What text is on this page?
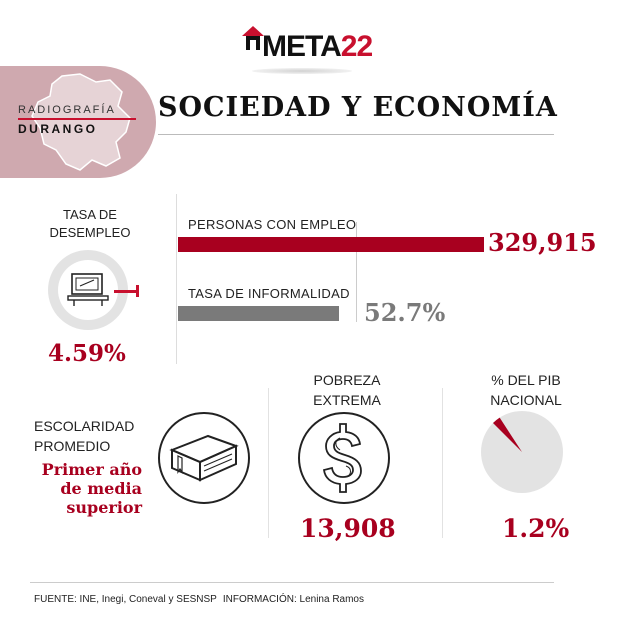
META22
RADIOGRAFÍA
DURANGO
SOCIEDAD Y ECONOMÍA
TASA DE
DESEMPLEO
4.59%
PERSONAS CON EMPLEO
329,915
TASA DE INFORMALIDAD
52.7%
ESCOLARIDAD
PROMEDIO
Primer año
de media
superior
POBREZA
EXTREMA
13,908
% DEL PIB
NACIONAL
1.2%
FUENTE: INE, Inegi, Coneval y SESNSP INFORMACIÓN: Lenina Ramos
